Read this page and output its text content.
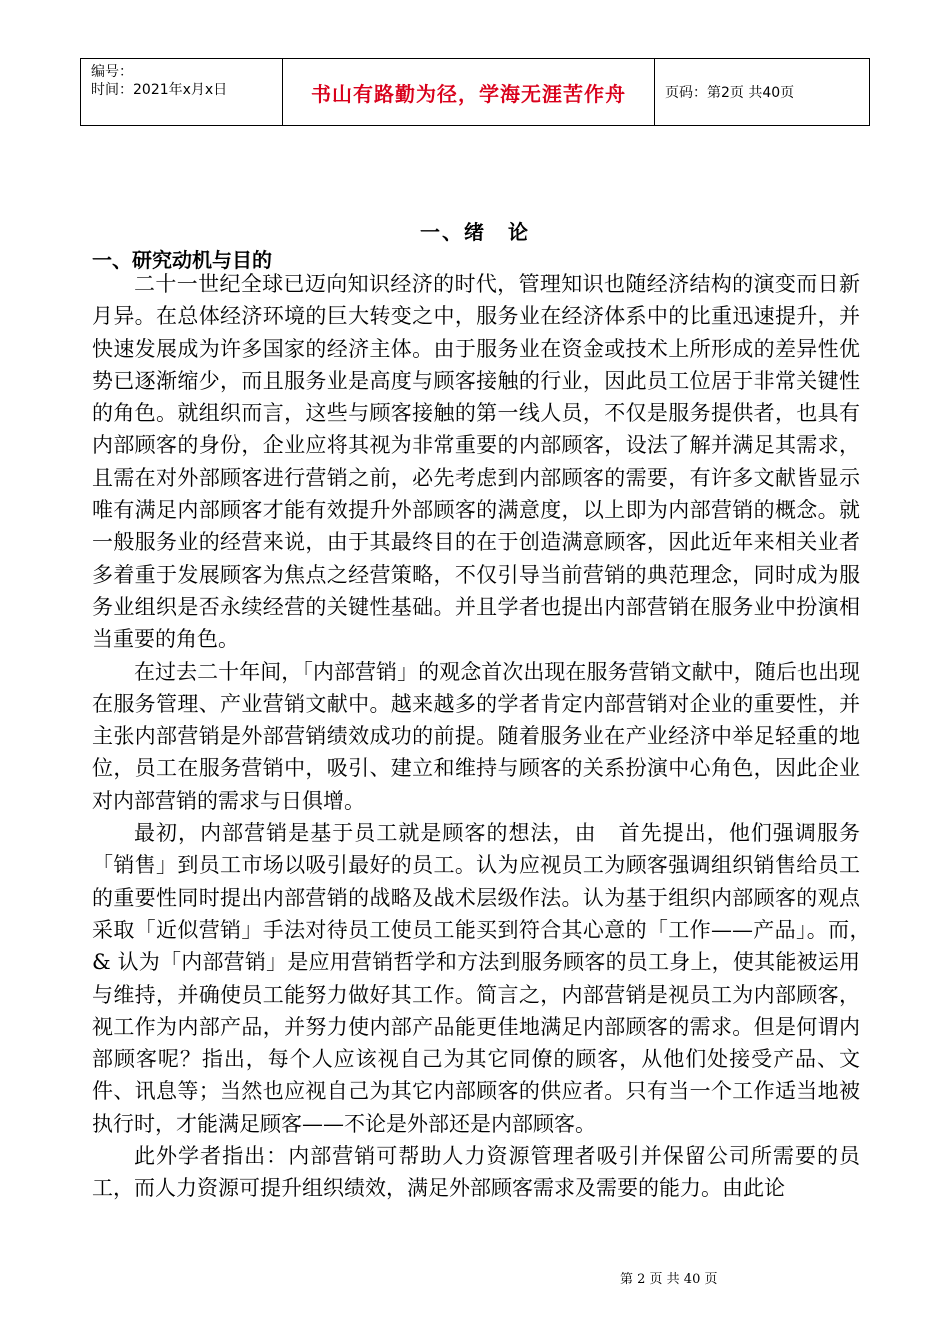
编号：
时间：2021年x月x日	书山有路勤为径，学海无涯苦作舟	页码：第2页 共40页
一、绪　论
一、研究动机与目的

二十一世纪全球已迈向知识经济的时代，管理知识也随经济结构的演变而日新月异。在总体经济环境的巨大转变之中，服务业在经济体系中的比重迅速提升，并快速发展成为许多国家的经济主体。由于服务业在资金或技术上所形成的差异性优势已逐渐缩少，而且服务业是高度与顾客接触的行业，因此员工位居于非常关键性的角色。就组织而言，这些与顾客接触的第一线人员，不仅是服务提供者，也具有内部顾客的身份，企业应将其视为非常重要的内部顾客，设法了解并满足其需求，且需在对外部顾客进行营销之前，必先考虑到内部顾客的需要，有许多文献皆显示唯有满足内部顾客才能有效提升外部顾客的满意度，以上即为内部营销的概念。就一般服务业的经营来说，由于其最终目的在于创造满意顾客，因此近年来相关业者多着重于发展顾客为焦点之经营策略，不仅引导当前营销的典范理念，同时成为服务业组织是否永续经营的关键性基础。并且学者也提出内部营销在服务业中扮演相当重要的角色。

在过去二十年间，「内部营销」的观念首次出现在服务营销文献中，随后也出现在服务管理、产业营销文献中。越来越多的学者肯定内部营销对企业的重要性，并主张内部营销是外部营销绩效成功的前提。随着服务业在产业经济中举足轻重的地位，员工在服务营销中，吸引、建立和维持与顾客的关系扮演中心角色，因此企业对内部营销的需求与日俱增。

最初，内部营销是基于员工就是顾客的想法，由　首先提出，他们强调服务「销售」到员工市场以吸引最好的员工。认为应视员工为顾客强调组织销售给员工的重要性同时提出内部营销的战略及战术层级作法。认为基于组织内部顾客的观点采取「近似营销」手法对待员工使员工能买到符合其心意的「工作——产品」。而，　& 认为「内部营销」是应用营销哲学和方法到服务顾客的员工身上，使其能被运用与维持，并确使员工能努力做好其工作。简言之，内部营销是视员工为内部顾客，视工作为内部产品，并努力使内部产品能更佳地满足内部顾客的需求。但是何谓内部顾客呢？指出，每个人应该视自己为其它同僚的顾客，从他们处接受产品、文件、讯息等；当然也应视自己为其它内部顾客的供应者。只有当一个工作适当地被执行时，才能满足顾客——不论是外部还是内部顾客。

此外学者指出：内部营销可帮助人力资源管理者吸引并保留公司所需要的员工，而人力资源可提升组织绩效，满足外部顾客需求及需要的能力。由此论

第 2 页 共 40 页
